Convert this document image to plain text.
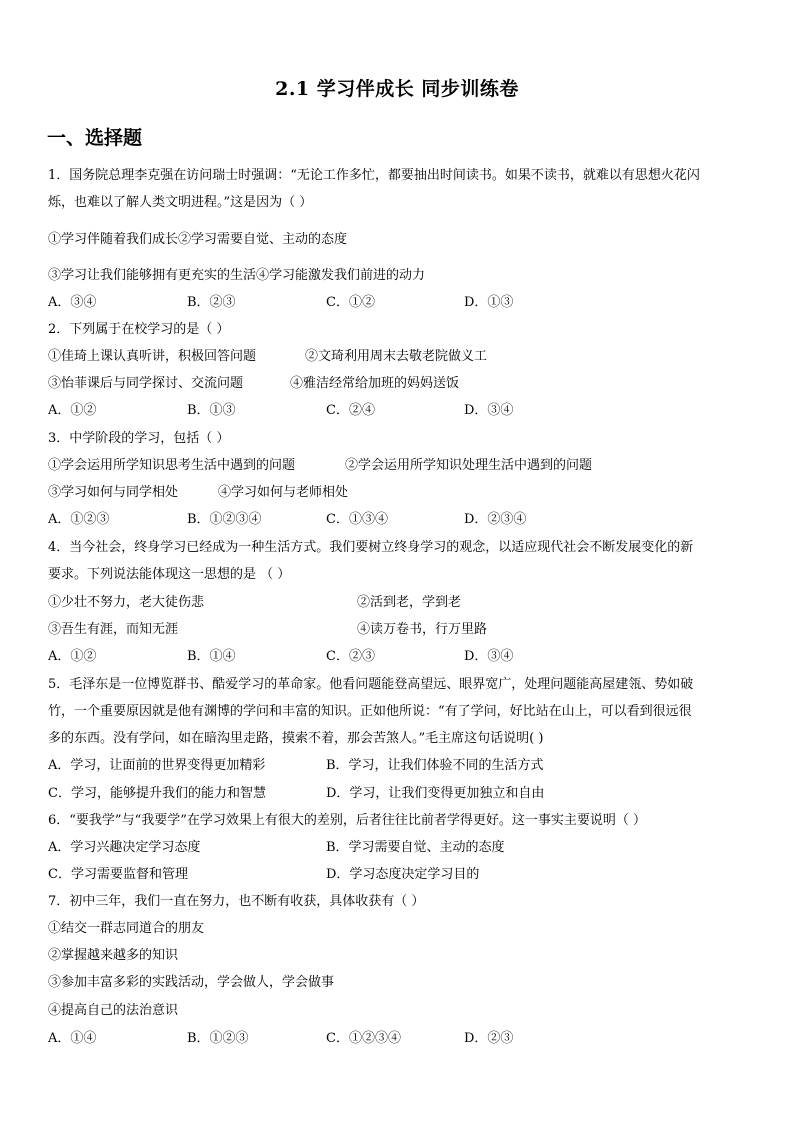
2.1 学习伴成长 同步训练卷
一、选择题
1．国务院总理李克强在访问瑞士时强调：“无论工作多忙，都要抽出时间读书。如果不读书，就难以有思想火花闪
烁，也难以了解人类文明进程。”这是因为（ ）
①学习伴随着我们成长②学习需要自觉、主动的态度
③学习让我们能够拥有更充实的生活④学习能激发我们前进的动力
A．③④	B．②③	C．①②	D．①③
2．下列属于在校学习的是（ ）
①佳琦上课认真听讲，积极回答问题	②文琦利用周末去敬老院做义工
③怡菲课后与同学探讨、交流问题	④雅洁经常给加班的妈妈送饭
A．①②	B．①③	C．②④	D．③④
3．中学阶段的学习，包括（ ）
①学会运用所学知识思考生活中遇到的问题	②学会运用所学知识处理生活中遇到的问题
③学习如何与同学相处	④学习如何与老师相处
A．①②③	B．①②③④	C．①③④	D．②③④
4．当今社会，终身学习已经成为一种生活方式。我们要树立终身学习的观念，以适应现代社会不断发展变化的新
要求。下列说法能体现这一思想的是 （ ）
①少壮不努力，老大徒伤悲	②活到老，学到老
③吾生有涯，而知无涯	④读万卷书，行万里路
A．①②	B．①④	C．②③	D．③④
5．毛泽东是一位博览群书、酷爱学习的革命家。他看问题能登高望远、眼界宽广，处理问题能高屋建瓴、势如破
竹，一个重要原因就是他有渊博的学问和丰富的知识。正如他所说：“有了学问，好比站在山上，可以看到很远很
多的东西。没有学问，如在暗沟里走路，摸索不着，那会苦煞人。”毛主席这句话说明( )
A．学习，让面前的世界变得更加精彩	B．学习，让我们体验不同的生活方式
C．学习，能够提升我们的能力和智慧	D．学习，让我们变得更加独立和自由
6．“要我学”与“我要学”在学习效果上有很大的差别，后者往往比前者学得更好。这一事实主要说明（ ）
A．学习兴趣决定学习态度	B．学习需要自觉、主动的态度
C．学习需要监督和管理	D．学习态度决定学习目的
7．初中三年，我们一直在努力，也不断有收获，具体收获有（ ）
①结交一群志同道合的朋友
②掌握越来越多的知识
③参加丰富多彩的实践活动，学会做人，学会做事
④提高自己的法治意识
A．①④	B．①②③	C．①②③④	D．②③
